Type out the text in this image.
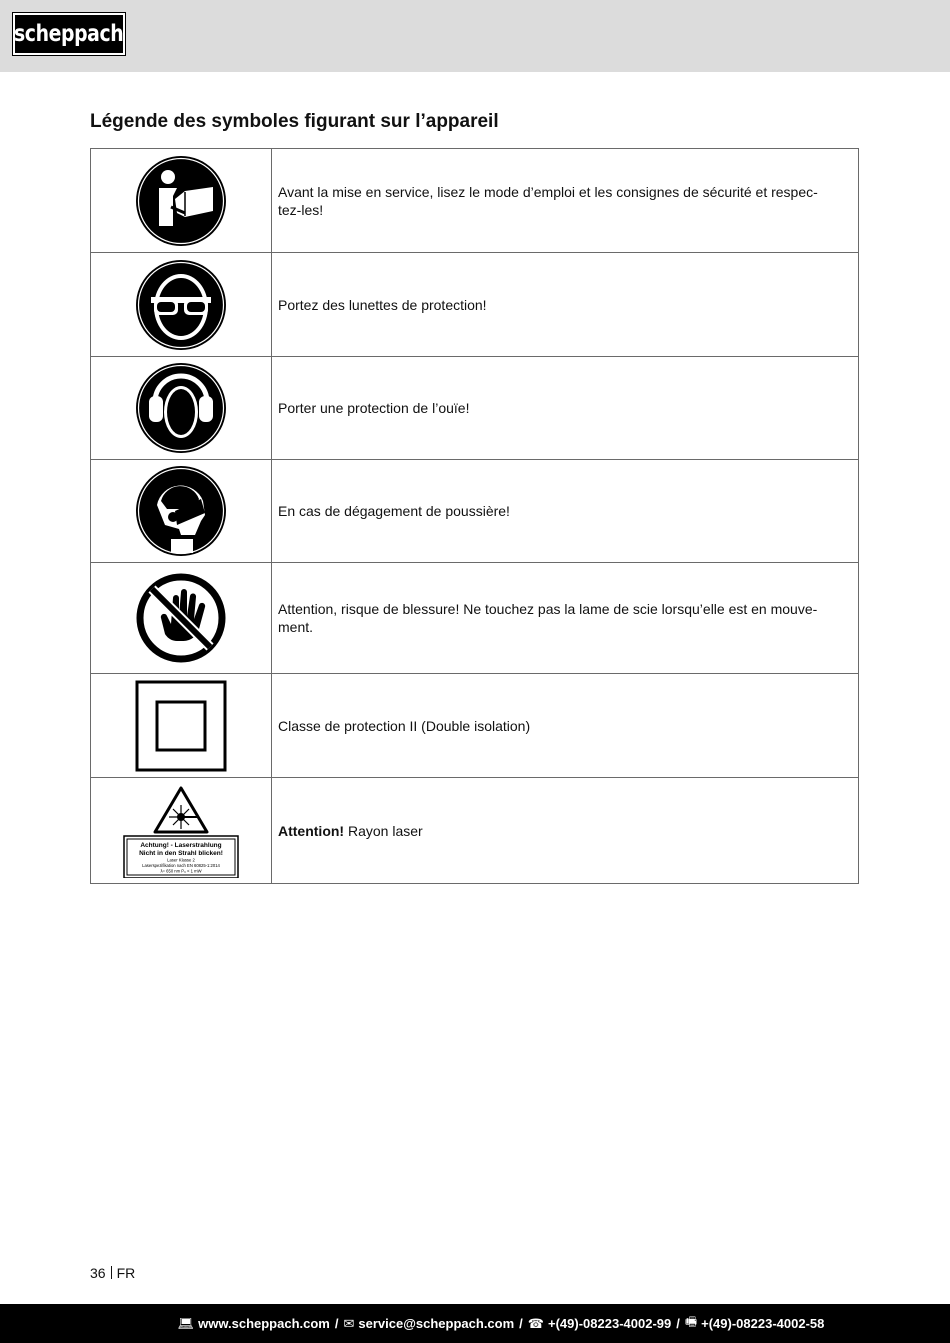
scheppach
Légende des symboles figurant sur l’appareil
	Avant la mise en service, lisez le mode d’emploi et les consignes de sécurité et respec-tez-les!

	Portez des lunettes de protection!

	Porter une protection de l’ouïe!

	En cas de dégagement de poussière!

	Attention, risque de blessure! Ne touchez pas la lame de scie lorsqu’elle est en mouve-ment.

	Classe de protection II (Double isolation)

Achtung! - Laserstrahlung
Nicht in den Strahl blicken!
Laser Klasse 2
Laserspezifikation nach EN 60825-1:2014
λ= 650 nm P₀ < 1 mW	Attention! Rayon laser
36 FR
💻︎ www.scheppach.com / ✉︎ service@scheppach.com / ☎︎ +(49)-08223-4002-99 / 🖷︎ +(49)-08223-4002-58
